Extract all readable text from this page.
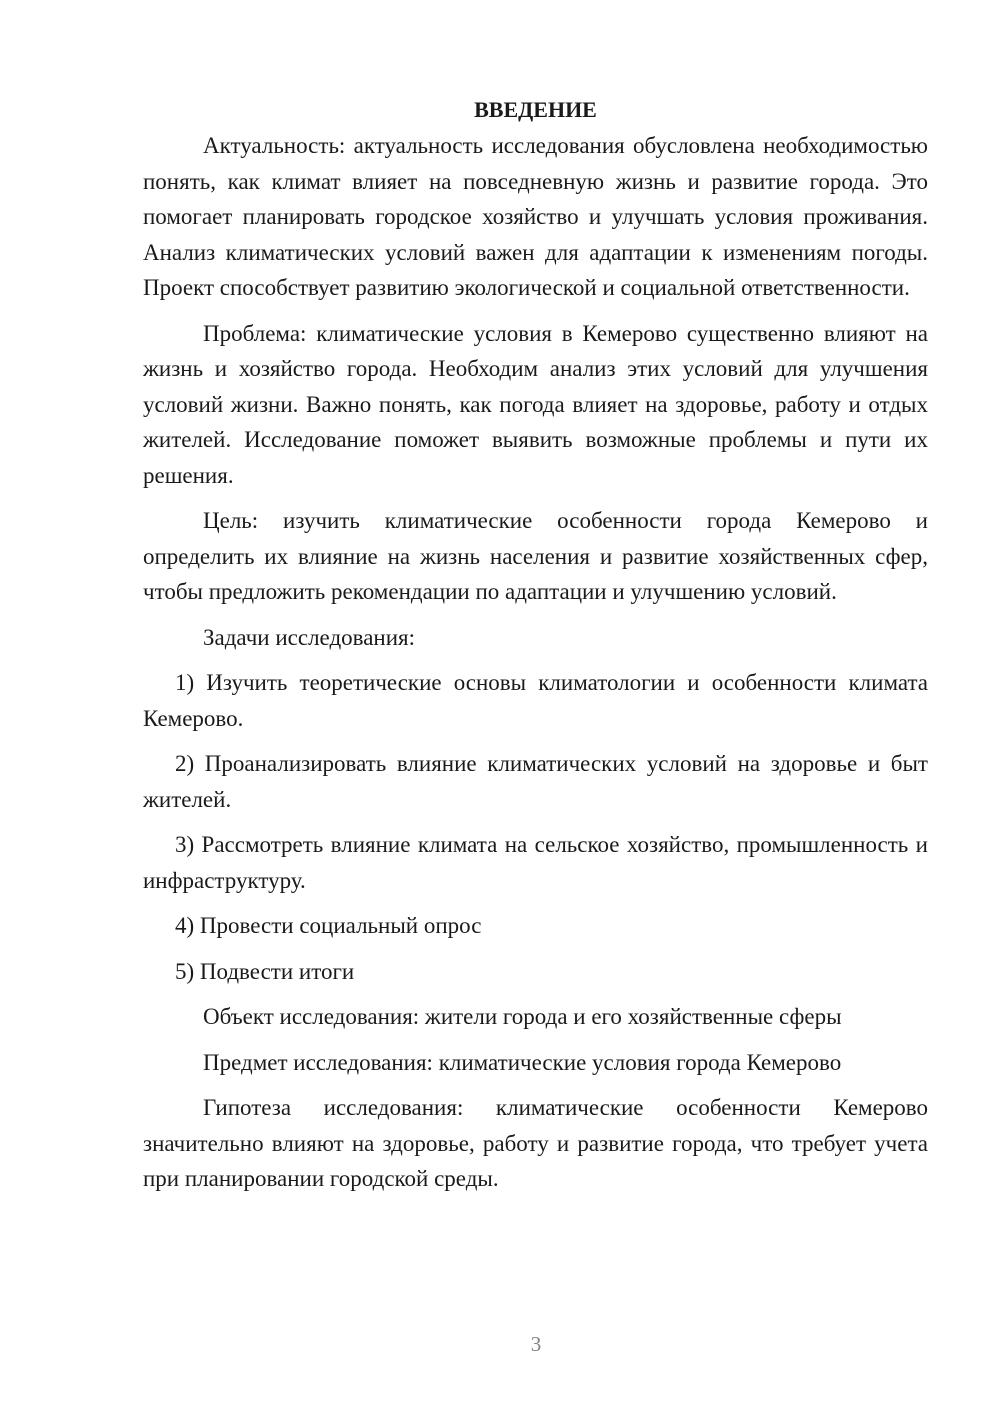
ВВЕДЕНИЕ

Актуальность: актуальность исследования обусловлена необходимостью понять, как климат влияет на повседневную жизнь и развитие города. Это помогает планировать городское хозяйство и улучшать условия проживания. Анализ климатических условий важен для адаптации к изменениям погоды. Проект способствует развитию экологической и социальной ответственности.

Проблема: климатические условия в Кемерово существенно влияют на жизнь и хозяйство города. Необходим анализ этих условий для улучшения условий жизни. Важно понять, как погода влияет на здоровье, работу и отдых жителей. Исследование поможет выявить возможные проблемы и пути их решения.

Цель: изучить климатические особенности города Кемерово и определить их влияние на жизнь населения и развитие хозяйственных сфер, чтобы предложить рекомендации по адаптации и улучшению условий.

Задачи исследования:

1) Изучить теоретические основы климатологии и особенности климата Кемерово.

2) Проанализировать влияние климатических условий на здоровье и быт жителей.

3) Рассмотреть влияние климата на сельское хозяйство, промышленность и инфраструктуру.

4) Провести социальный опрос

5) Подвести итоги

Объект исследования: жители города и его хозяйственные сферы

Предмет исследования: климатические условия города Кемерово

Гипотеза исследования: климатические особенности Кемерово значительно влияют на здоровье, работу и развитие города, что требует учета при планировании городской среды.

3
